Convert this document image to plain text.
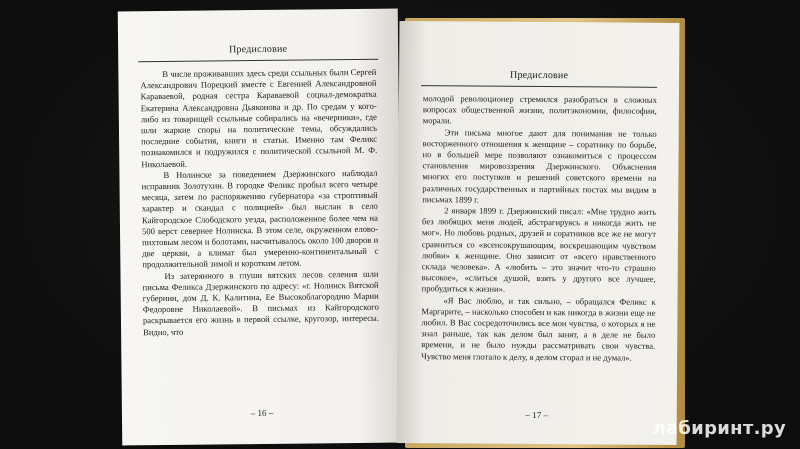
Предисловие

В числе проживавших здесь среди ссыльных были Сергей Александрович Порецкий вместе с Евгенией Александровной Караваевой, родная сестра Караваевой социал-демократка Екатерина Александровна Дьяконова и др. По средам у кого-либо из товарищей ссыльные собирались на «вечерники», где шли жаркие споры на политические темы, обсуждались последние события, книги и статьи. Именно там Феликс познакомился и подружился с политической ссыльной М. Ф. Николаевой.

В Нолинске за поведением Дзержинского наблюдал исправник Золотухин. В городке Феликс пробыл всего четыре месяца, затем по распоряжению губернатора «за строптивый характер и скандал с полицией» был выслан в село Кайгородское Слободского уезда, расположенное более чем на 500 верст севернее Нолинска. В этом селе, окруженном елово-пихтовым лесом и болотами, насчитывалось около 100 дворов и две церкви, а климат был умеренно-континентальный с продолжительной зимой и коротким летом.

Из затерянного в глуши вятских лесов селения шли письма Феликса Дзержинского по адресу: «г. Нолинск Вятской губернии, дом Д. К. Калитина, Ее Высокоблагородию Марии Федоровне Николаевой». В письмах из Кайгородского раскрывается его жизнь в первой ссылке, кругозор, интересы. Видно, что

– 16 –
Предисловие

молодой революционер стремился разобраться в сложных вопросах общественной жизни, политэкономии, философии, морали.

Эти письма многое дают для понимания не только восторженного отношения к женщине – соратнику по борьбе, но в большей мере позволяют ознакомиться с процессом становления мировоззрения Дзержинского. Объяснения многих его поступков и решений советского времени на различных государственных и партийных постах мы видим в письмах 1899 г.

2 января 1899 г. Дзержинский писал: «Мне трудно жить без любящих меня людей, абстрагируясь я никогда жить не мог». Но любовь родных, друзей и соратников все же не могут сравниться со «всенсокрушающим, воскрешающим чувством любви» к женщине. Оно зависит от «всего нравственного склада человека». А «любить – это значит что-то страшно высокое», «слиться душой, взять у другого все лучшее, пробудиться к жизни».

«Я Вас люблю, и так сильно, – обращался Феликс к Маргарите, – насколько способен и как никогда в жизни еще не любил. В Вас сосредоточились все мои чувства, о которых я не знал раньше, так как делом был занят, а в деле не было времени, и не было нужды рассматривать свои чувства. Чувство меня глотало к делу, я делом сгорал и не думал».

– 17 –
лабиринт.ру
